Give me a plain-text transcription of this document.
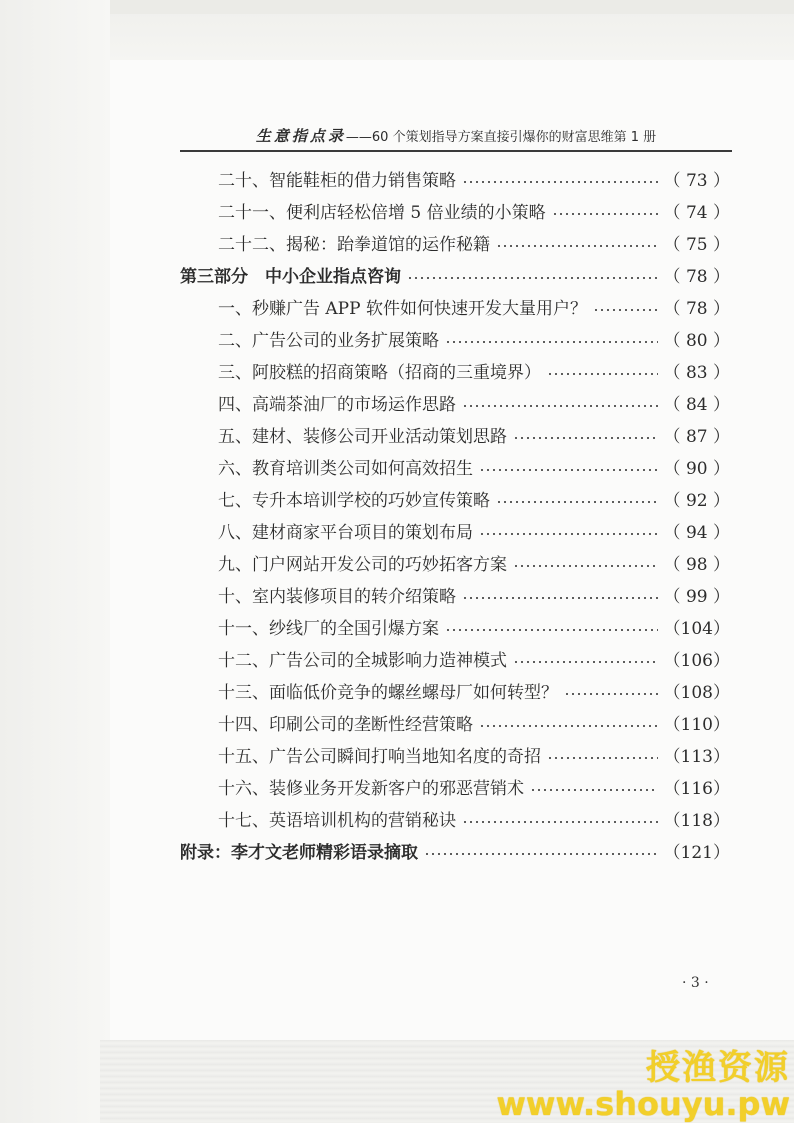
生意指点录——60 个策划指导方案直接引爆你的财富思维第 1 册
二十、智能鞋柜的借力销售策略	（ 73 ）
二十一、便利店轻松倍增 5 倍业绩的小策略	（ 74 ）
二十二、揭秘：跆拳道馆的运作秘籍	（ 75 ）
第三部分　中小企业指点咨询	（ 78 ）
一、秒赚广告 APP 软件如何快速开发大量用户？	（ 78 ）
二、广告公司的业务扩展策略	（ 80 ）
三、阿胶糕的招商策略（招商的三重境界）	（ 83 ）
四、高端茶油厂的市场运作思路	（ 84 ）
五、建材、装修公司开业活动策划思路	（ 87 ）
六、教育培训类公司如何高效招生	（ 90 ）
七、专升本培训学校的巧妙宣传策略	（ 92 ）
八、建材商家平台项目的策划布局	（ 94 ）
九、门户网站开发公司的巧妙拓客方案	（ 98 ）
十、室内装修项目的转介绍策略	（ 99 ）
十一、纱线厂的全国引爆方案	（104）
十二、广告公司的全城影响力造神模式	（106）
十三、面临低价竞争的螺丝螺母厂如何转型？	（108）
十四、印刷公司的垄断性经营策略	（110）
十五、广告公司瞬间打响当地知名度的奇招	（113）
十六、装修业务开发新客户的邪恶营销术	（116）
十七、英语培训机构的营销秘诀	（118）
附录：李才文老师精彩语录摘取	（121）
· 3 ·
授渔资源
www.shouyu.pw
